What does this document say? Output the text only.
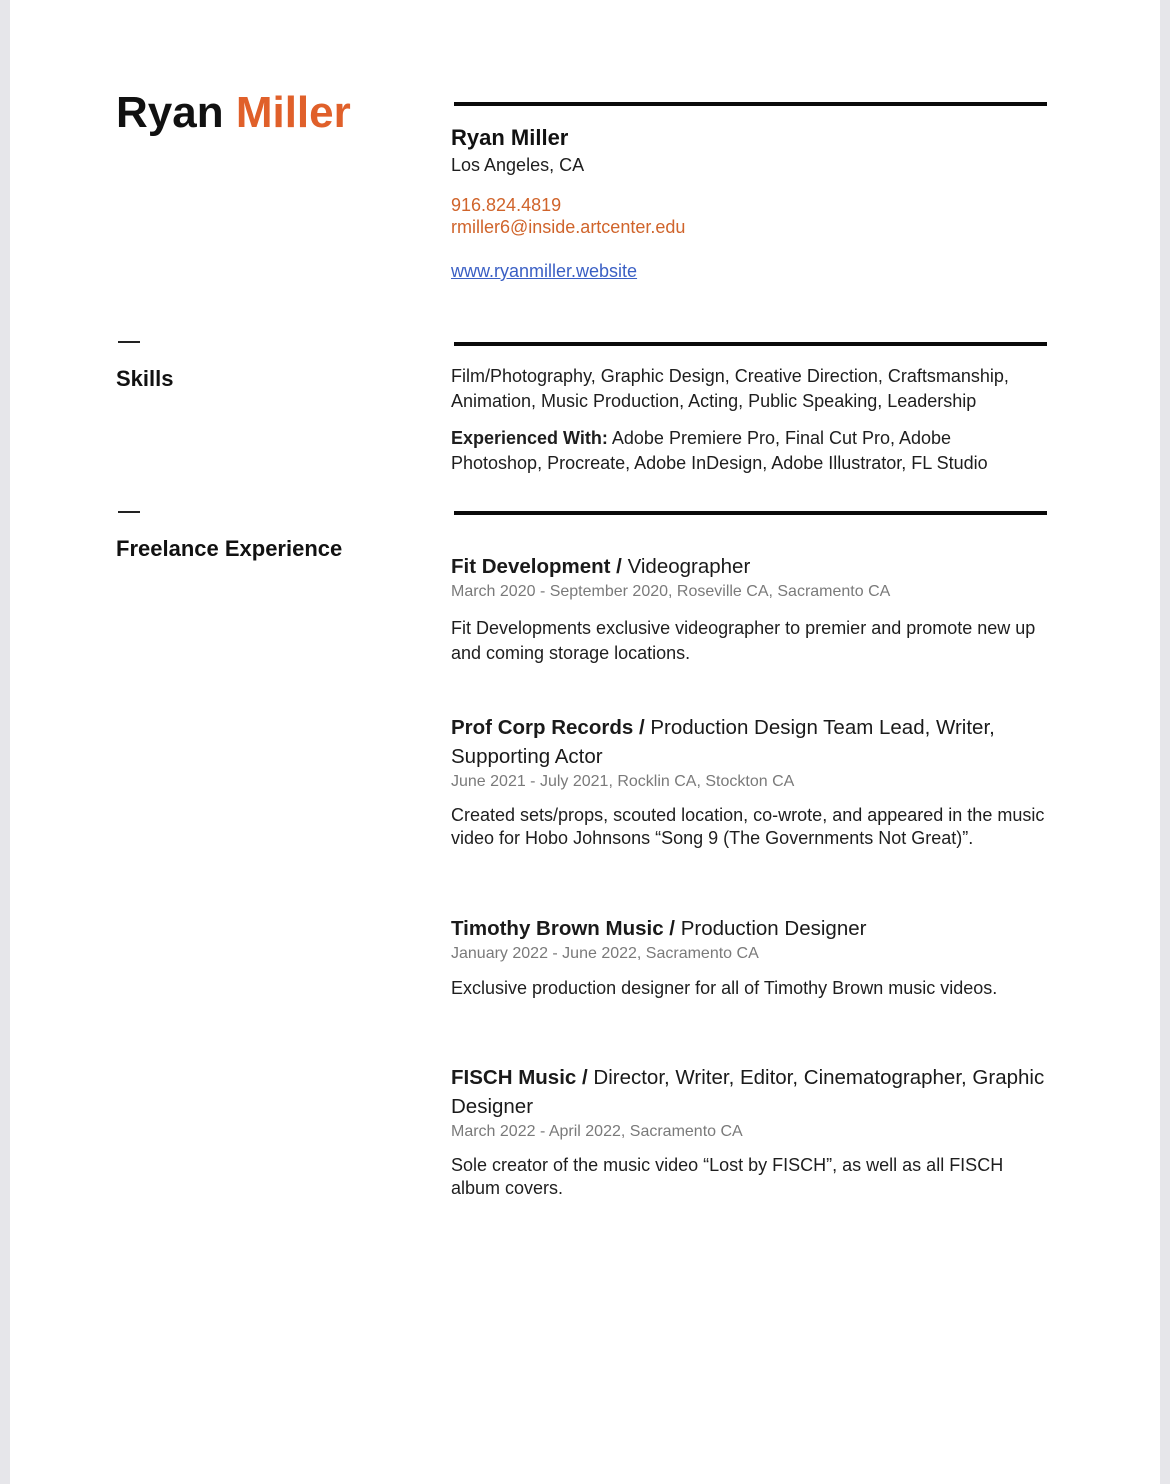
Ryan Miller
Ryan Miller
Los Angeles, CA
916.824.4819
rmiller6@inside.artcenter.edu
www.ryanmiller.website
Skills	Film/Photography, Graphic Design, Creative Direction, Craftsmanship, Animation, Music Production, Acting, Public Speaking, Leadership
Experienced With: Adobe Premiere Pro, Final Cut Pro, Adobe Photoshop, Procreate, Adobe InDesign, Adobe Illustrator, FL Studio
Freelance Experience
Fit Development / Videographer
March 2020 - September 2020, Roseville CA, Sacramento CA
Fit Developments exclusive videographer to premier and promote new up and coming storage locations.
Prof Corp Records / Production Design Team Lead, Writer, Supporting Actor
June 2021 - July 2021, Rocklin CA, Stockton CA
Created sets/props, scouted location, co-wrote, and appeared in the music video for Hobo Johnsons “Song 9 (The Governments Not Great)”.
Timothy Brown Music / Production Designer
January 2022 - June 2022, Sacramento CA
Exclusive production designer for all of Timothy Brown music videos.
FISCH Music / Director, Writer, Editor, Cinematographer, Graphic Designer
March 2022 - April 2022, Sacramento CA
Sole creator of the music video “Lost by FISCH”, as well as all FISCH album covers.
